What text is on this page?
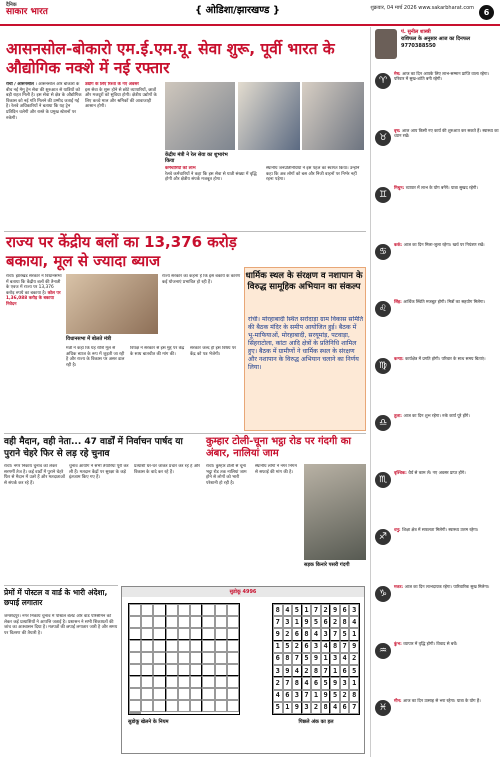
दैनिक
साकार भारत	{ ओडिशा/झारखण्ड }	शुक्रवार, 04 मार्च 2026 www.sakarbharat.com	6
आसनसोल-बोकारो एम.ई.एम.यू. सेवा शुरू, पूर्वी भारत के औद्योगिक नक्शे में नई रफ्तार
रांची / आसनसोल । आसनसोल और बोकारो के बीच नई मेमू ट्रेन सेवा की शुरुआत से यात्रियों को बड़ी राहत मिली है। इस सेवा से क्षेत्र के औद्योगिक विकास को नई गति मिलने की उम्मीद जताई गई है। रेलवे अधिकारियों ने बताया कि यह ट्रेन प्रतिदिन चलेगी और रास्ते के प्रमुख स्टेशनों पर रुकेगी।
उद्योग के लिए रिश्ता के नए अवसर
इस सेवा के शुरू होने से छोटे व्यापारियों, छात्रों और मजदूरों को सुविधा होगी। क्षेत्रीय उद्योगों के लिए कच्चे माल और श्रमिकों की आवाजाही आसान होगी।
केंद्रीय मंत्री ने रेल सेवा का शुभारंभ किया
कर्मचारियों को लाभ
रेलवे कर्मचारियों ने कहा कि इस सेवा से यात्री संख्या में वृद्धि होगी और क्षेत्रीय संपर्क मजबूत होगा।
स्थानीय जनप्रतिनिधियों ने इस पहल का स्वागत किया। उन्होंने कहा कि अब लोगों को बस और निजी वाहनों पर निर्भर नहीं रहना पड़ेगा।
राज्य पर केंद्रीय बलों का 13,376 करोड़ बकाया, मूल से ज्यादा ब्याज
रांची। झारखंड सरकार ने विधानसभा में बताया कि केंद्रीय बलों की तैनाती के एवज में राज्य पर 13,376 करोड़ रुपये का बकाया है। कोल पर 1,36,088 करोड़ के बकाया निवेदन
विधानसभा में बोलते मंत्री
मंत्री ने कहा कि यह राशि मूल से अधिक ब्याज के रूप में जुड़ती जा रही है और राज्य के विकास पर असर डाल रही है।
विपक्ष ने सरकार से इस मुद्दे पर केंद्र के साथ बातचीत की मांग की।
राज्य सरकार का कहना है कि इस बकाये के कारण कई योजनाएं प्रभावित हो रही हैं।
सरकार जल्द ही इस विषय पर केंद्र को पत्र भेजेगी।
धार्मिक स्थल के संरक्षण व नशापान के विरुद्ध सामूहिक अभियान का संकल्प
रांची। मोरहाबादी स्थित सरोदाड़ा ग्राम विकास समिति की बैठक मंदिर के समीप आयोजित हुई। बैठक में भू-माफियाओं, मोरहाबादी, सरयूमांड़, पटवाड़ा, सिंहराटोला, कांटा आदि क्षेत्रों के प्रतिनिधि शामिल हुए। बैठक में ग्रामीणों ने धार्मिक स्थल के संरक्षण और नशापान के विरुद्ध अभियान चलाने का निर्णय लिया।
वही मैदान, वही नेता... 47 वार्डों में निर्वाचन पार्षद या पुराने चेहरे फिर से लड़ रहे चुनाव
रांची। नगर निकाय चुनाव को लेकर सरगर्मी तेज है। कई वार्डों में पुराने चेहरे फिर से मैदान में उतरे हैं और मतदाताओं से संपर्क कर रहे हैं।
चुनाव आयोग ने सभी तैयारियां पूरी कर ली हैं। मतदान केंद्रों पर सुरक्षा के कड़े इंतजाम किए गए हैं।
प्रत्याशी घर-घर जाकर प्रचार कर रहे हैं और विकास के वादे कर रहे हैं।
कुम्हार टोली-चूना भट्ठा रोड पर गंदगी का अंबार, नालियां जाम
रांची। कुम्हार टोली से चूना भट्ठा रोड तक नालियां जाम होने से लोगों को भारी परेशानी हो रही है।
स्थानीय लोगों ने नगर निगम से सफाई की मांग की है।
सड़क किनारे पसरी गंदगी
प्रेमों में पोस्टल व वार्ड के भारी अंदेशा, छपाई लगातार
जमशेदपुर। नगर निकाय चुनाव में पोस्टल बैलेट और वार्ड परिसीमन को लेकर कई प्रत्याशियों ने आपत्ति जताई है। प्रशासन ने सभी शिकायतों की जांच का आश्वासन दिया है। मतपत्रों की छपाई लगातार जारी है और समय पर वितरण की तैयारी है।
सुडोकू 4996
8 4 5 1 7 2 9 6 3
7 3 1 9 5 6 2 8 4
9 2 6 8 4 3 7 5 1
1 5 2 6 3 4 8 7 9
6 8 7 5 9 1 3 4 2
3 9 4 2 8 7 1 6 5
2 7 8 4 6 5 9 3 1
4 6 3 7 1 9 5 2 8
5 1 9 3 2 8 4 6 7
पिछले अंक का हल
सुडोकू खेलने के नियम
पं. सुनील शास्त्री
राशिफल के अनुसार आज का दिनफल
9770388550
♈
मेष: आज का दिन आपके लिए लाभ-सम्मान प्राप्ति वाला रहेगा। परिवार में सुख-शांति बनी रहेगी।
♉
वृष: आज आप किसी नए कार्य की शुरुआत कर सकते हैं। स्वास्थ्य का ध्यान रखें।
♊
मिथुन: व्यापार में लाभ के योग बनेंगे। यात्रा सुखद रहेगी।
♋
कर्क: आज का दिन मिला-जुला रहेगा। खर्च पर नियंत्रण रखें।
♌
सिंह: आर्थिक स्थिति मजबूत होगी। मित्रों का सहयोग मिलेगा।
♍
कन्या: कार्यक्षेत्र में प्रगति होगी। परिवार के साथ समय बिताएं।
♎
तुला: आज का दिन शुभ रहेगा। रुके कार्य पूरे होंगे।
♏
वृश्चिक: धैर्य से काम लें। नए अवसर प्राप्त होंगे।
♐
धनु: शिक्षा क्षेत्र में सफलता मिलेगी। स्वास्थ्य उत्तम रहेगा।
♑
मकर: आज का दिन लाभदायक रहेगा। पारिवारिक सुख मिलेगा।
♒
कुंभ: व्यापार में वृद्धि होगी। विवाद से बचें।
♓
मीन: आज का दिन उत्साह से भरा रहेगा। यात्रा के योग हैं।
